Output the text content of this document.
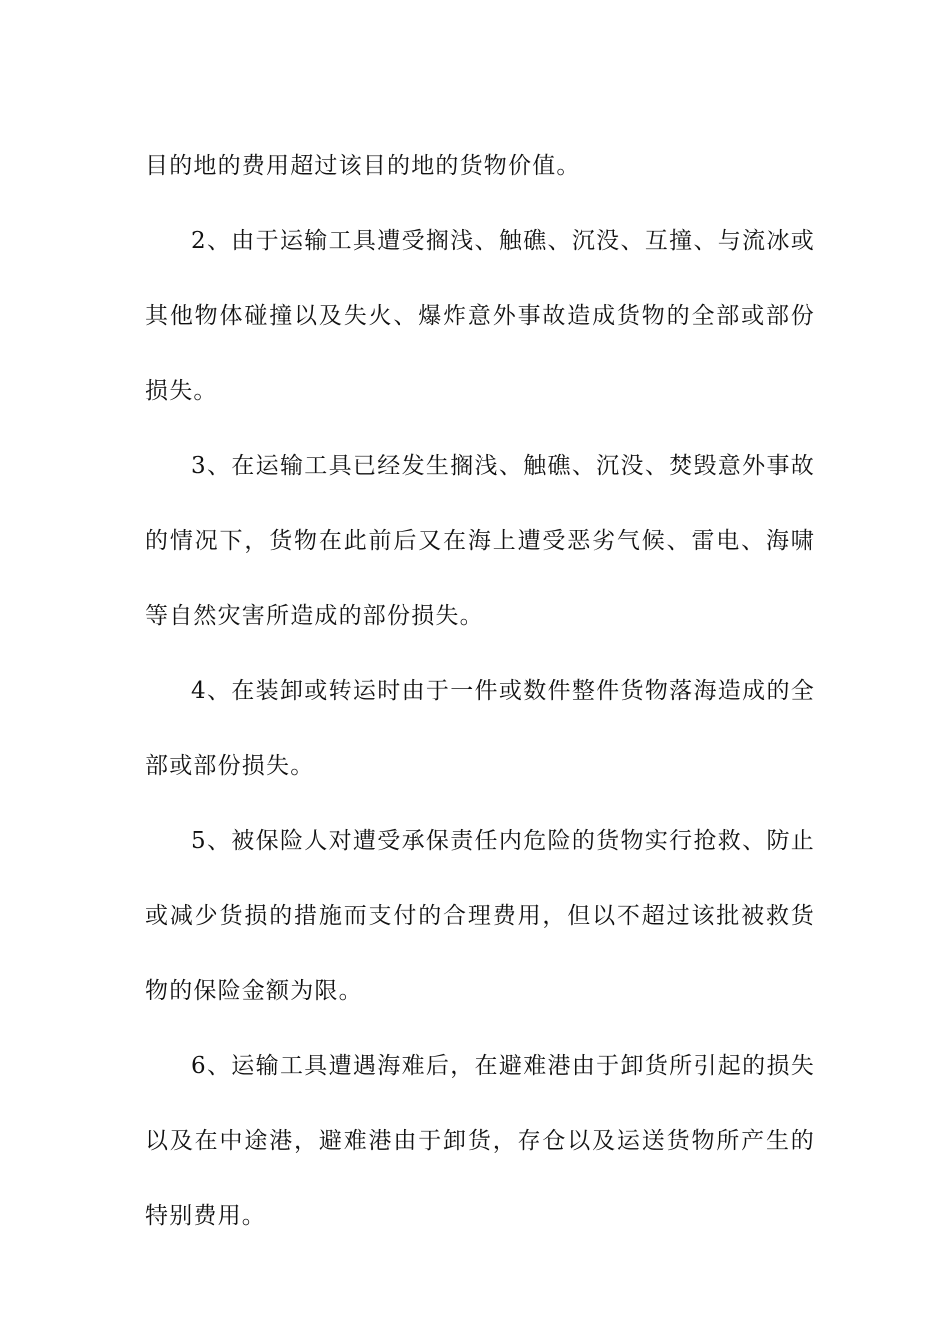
目的地的费用超过该目的地的货物价值。

2、由于运输工具遭受搁浅、触礁、沉没、互撞、与流冰或其他物体碰撞以及失火、爆炸意外事故造成货物的全部或部份损失。

3、在运输工具已经发生搁浅、触礁、沉没、焚毁意外事故的情况下，货物在此前后又在海上遭受恶劣气候、雷电、海啸等自然灾害所造成的部份损失。

4、在装卸或转运时由于一件或数件整件货物落海造成的全部或部份损失。

5、被保险人对遭受承保责任内危险的货物实行抢救、防止或减少货损的措施而支付的合理费用，但以不超过该批被救货物的保险金额为限。

6、运输工具遭遇海难后，在避难港由于卸货所引起的损失以及在中途港，避难港由于卸货，存仓以及运送货物所产生的特别费用。
